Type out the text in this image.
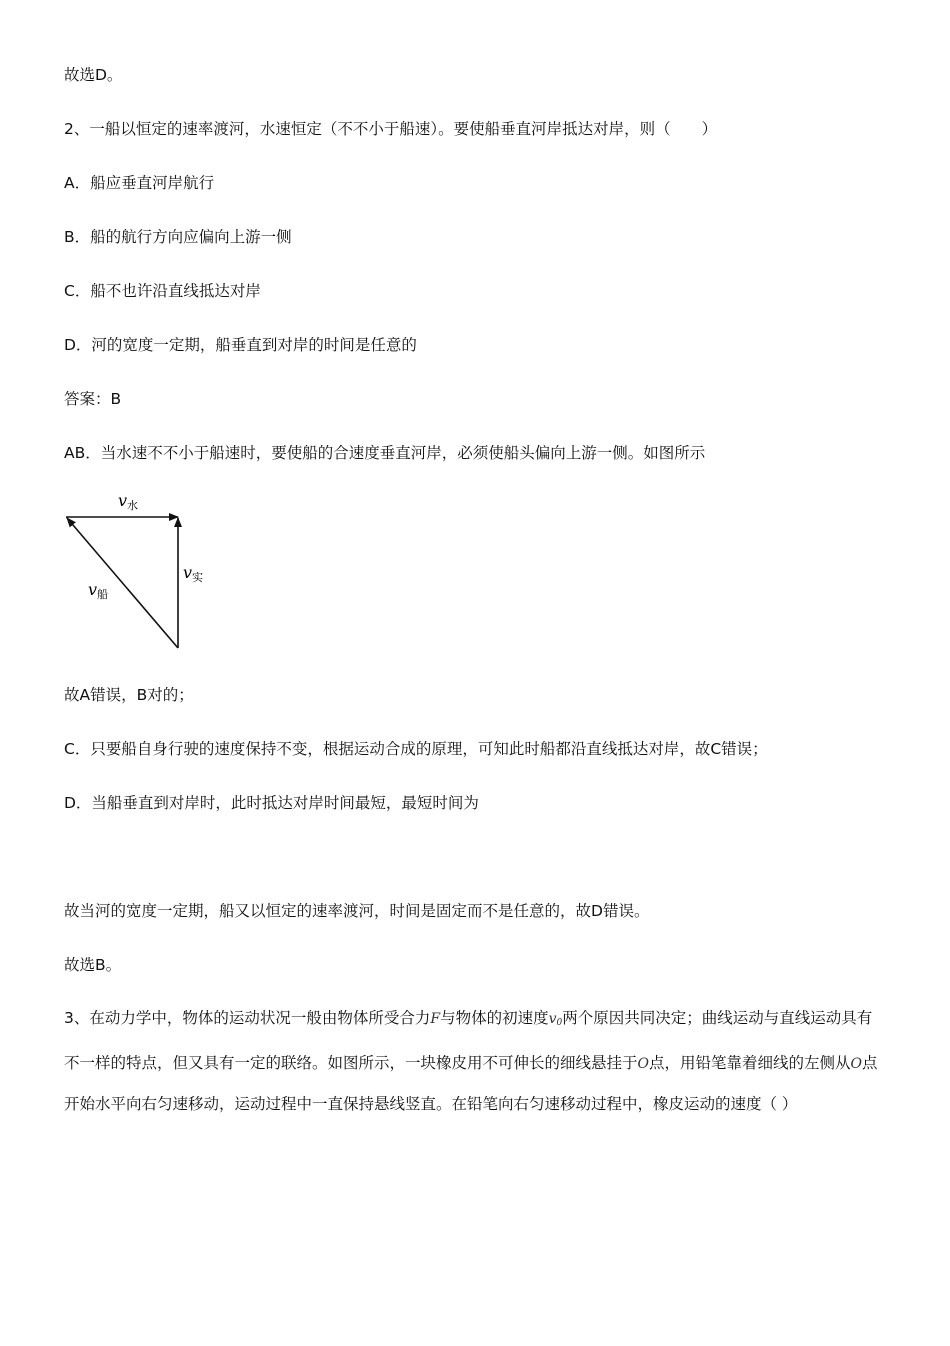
故选D。
2、一船以恒定的速率渡河，水速恒定（不不小于船速）。要使船垂直河岸抵达对岸，则（　　）
A．船应垂直河岸航行
B．船的航行方向应偏向上游一侧
C．船不也许沿直线抵达对岸
D．河的宽度一定期，船垂直到对岸的时间是任意的
答案：B
AB．当水速不不小于船速时，要使船的合速度垂直河岸，必须使船头偏向上游一侧。如图所示
v水
v实
v船
故A错误，B对的；
C．只要船自身行驶的速度保持不变，根据运动合成的原理，可知此时船都沿直线抵达对岸，故C错误；
D．当船垂直到对岸时，此时抵达对岸时间最短，最短时间为
故当河的宽度一定期，船又以恒定的速率渡河，时间是固定而不是任意的，故D错误。
故选B。
3、在动力学中，物体的运动状况一般由物体所受合力F与物体的初速度$v_0$两个原因共同决定；曲线运动与直线运动具有不一样的特点，但又具有一定的联络。如图所示，一块橡皮用不可伸长的细线悬挂于O点，用铅笔靠着细线的左侧从O点开始水平向右匀速移动，运动过程中一直保持悬线竖直。在铅笔向右匀速移动过程中，橡皮运动的速度（ ）
